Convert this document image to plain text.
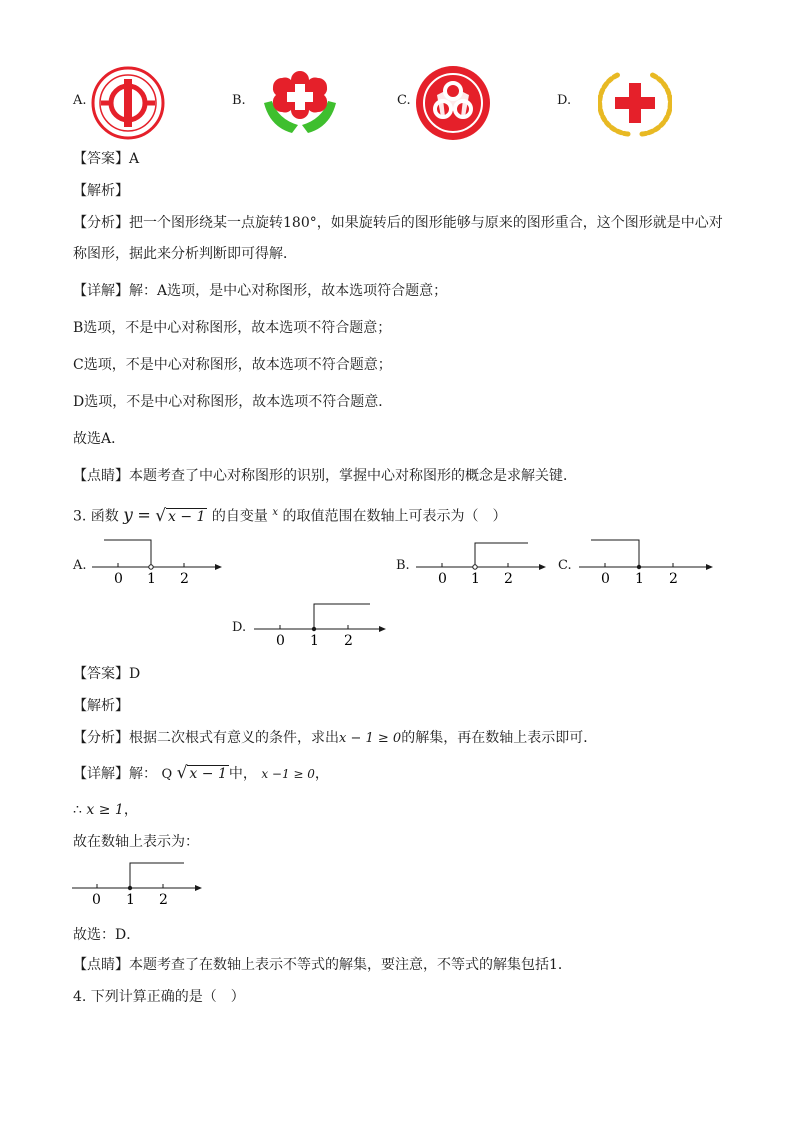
A.	B.	C.	D.
【答案】A
【解析】
【分析】把一个图形绕某一点旋转180°，如果旋转后的图形能够与原来的图形重合，这个图形就是中心对
称图形，据此来分析判断即可得解．
【详解】解：A选项，是中心对称图形，故本选项符合题意；
B选项，不是中心对称图形，故本选项不符合题意；
C选项，不是中心对称图形，故本选项不符合题意；
D选项，不是中心对称图形，故本选项不符合题意．
故选A．
【点睛】本题考查了中心对称图形的识别，掌握中心对称图形的概念是求解关键．
3. 函数 y = √ x − 1 的自变量 $^x$ 的取值范围在数轴上可表示为（　）
A.
0 1 2
B.
0 1 2
C.
0 1 2
D.
0 1 2
【答案】D
【解析】
【分析】根据二次根式有意义的条件，求出x − 1 ≥ 0的解集，再在数轴上表示即可．
【详解】解： Q √ x − 1 中， x −1 ≥ 0，
∴ x ≥ 1，
故在数轴上表示为：
0 1 2
故选：D．
【点睛】本题考查了在数轴上表示不等式的解集，要注意，不等式的解集包括1．
4. 下列计算正确的是（　）
